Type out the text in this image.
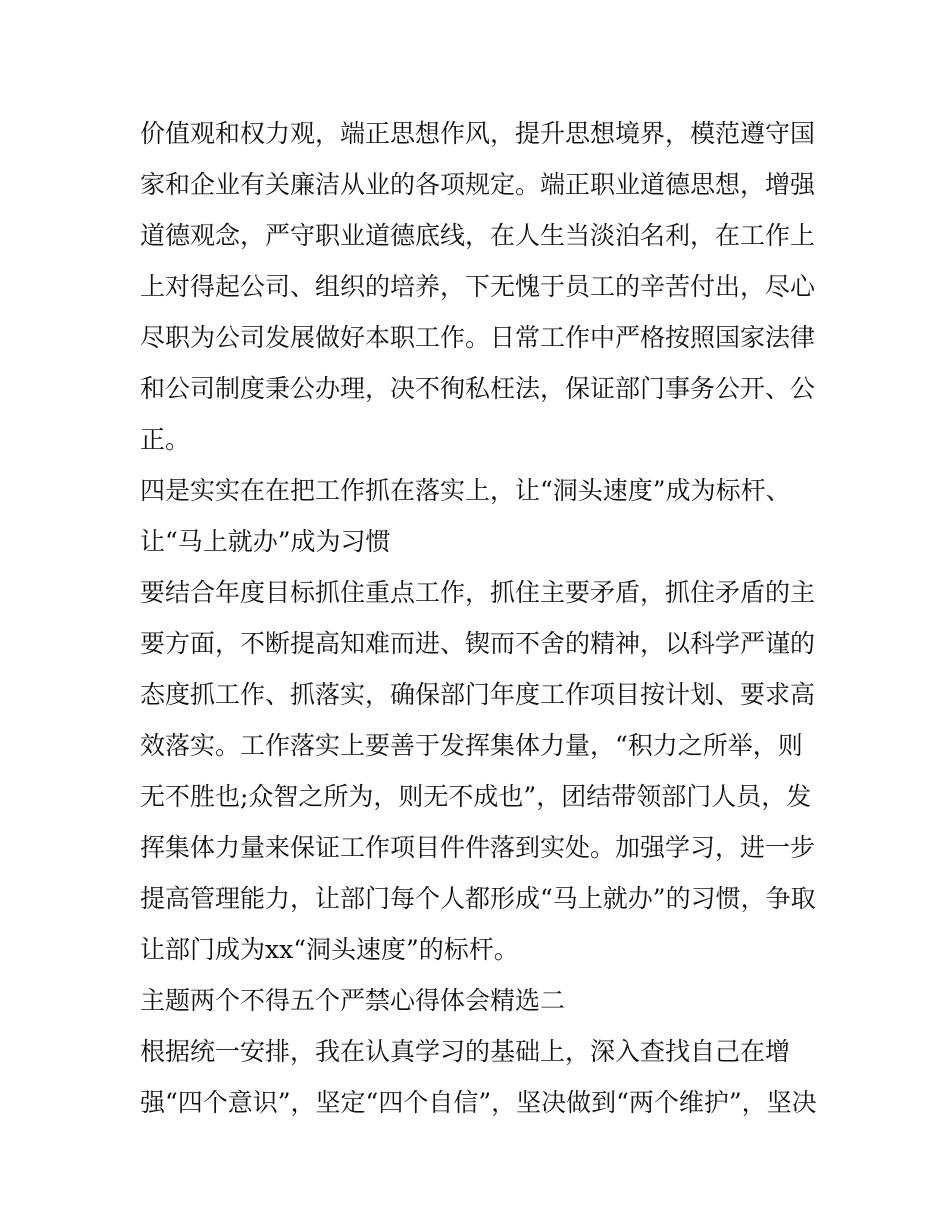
价值观和权力观，端正思想作风，提升思想境界，模范遵守国
家和企业有关廉洁从业的各项规定。端正职业道德思想，增强
道德观念，严守职业道德底线，在人生当淡泊名利，在工作上
上对得起公司、组织的培养，下无愧于员工的辛苦付出，尽心
尽职为公司发展做好本职工作。日常工作中严格按照国家法律
和公司制度秉公办理，决不徇私枉法，保证部门事务公开、公
正。
四是实实在在把工作抓在落实上，让“洞头速度”成为标杆、
让“马上就办”成为习惯
要结合年度目标抓住重点工作，抓住主要矛盾，抓住矛盾的主
要方面，不断提高知难而进、锲而不舍的精神，以科学严谨的
态度抓工作、抓落实，确保部门年度工作项目按计划、要求高
效落实。工作落实上要善于发挥集体力量，“积力之所举，则
无不胜也;众智之所为，则无不成也”，团结带领部门人员，发
挥集体力量来保证工作项目件件落到实处。加强学习，进一步
提高管理能力，让部门每个人都形成“马上就办”的习惯，争取
让部门成为xx“洞头速度”的标杆。
主题两个不得五个严禁心得体会精选二
根据统一安排，我在认真学习的基础上，深入查找自己在增
强“四个意识”，坚定“四个自信”，坚决做到“两个维护”，坚决
